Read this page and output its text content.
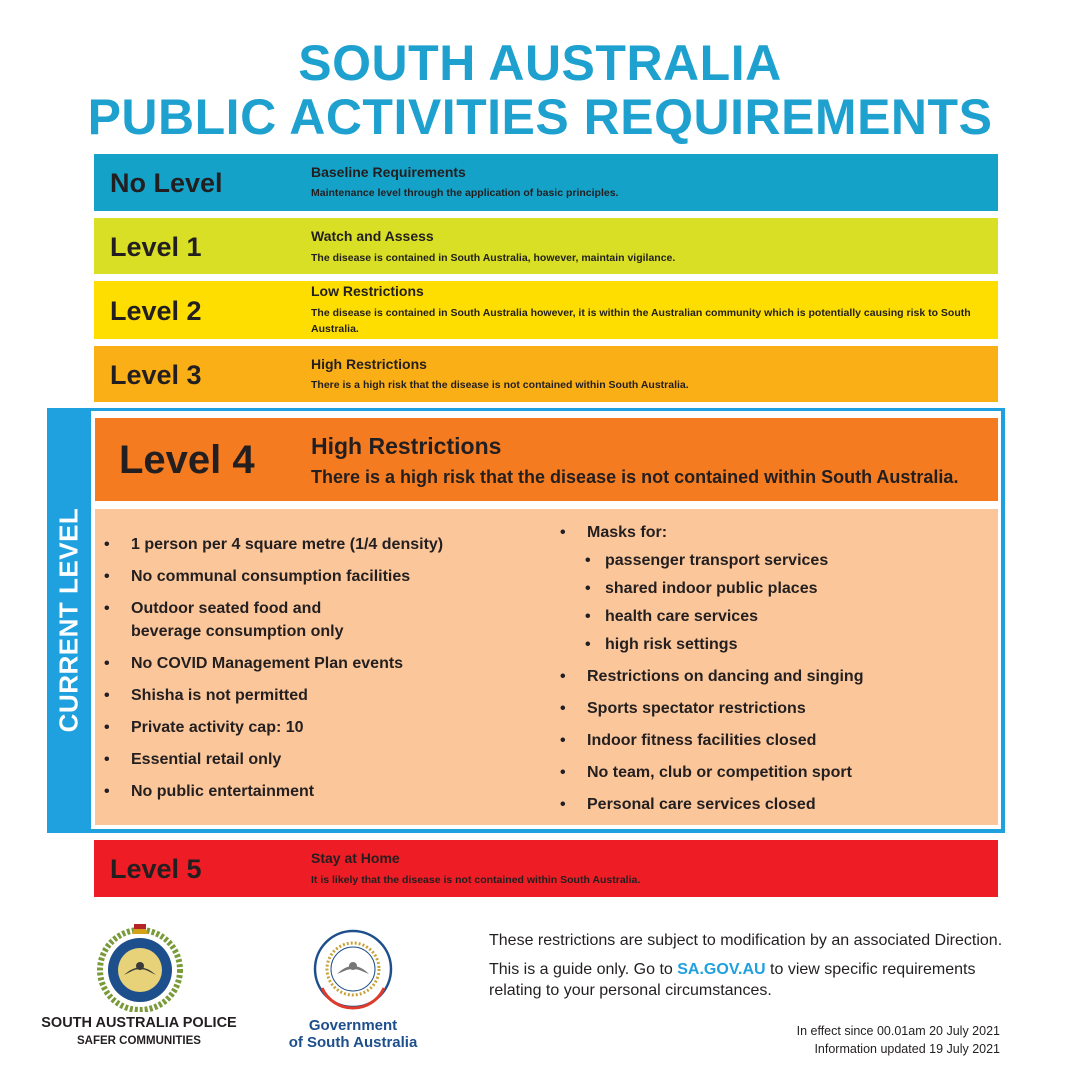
SOUTH AUSTRALIA
PUBLIC ACTIVITIES REQUIREMENTS
No Level	Baseline Requirements
Maintenance level through the application of basic principles.
Level 1	Watch and Assess
The disease is contained in South Australia, however, maintain vigilance.
Level 2
Low Restrictions
The disease is contained in South Australia however, it is within the Australian community which is potentially causing risk to South Australia.
Level 3	High Restrictions
There is a high risk that the disease is not contained within South Australia.
CURRENT LEVEL
Level 4 High Restrictions
There is a high risk that the disease is not contained within South Australia.
• 1 person per 4 square metre (1/4 density)
• No communal consumption facilities
• Outdoor seated food and beverage consumption only
• No COVID Management Plan events
• Shisha is not permitted
• Private activity cap: 10
• Essential retail only
• No public entertainment
• Masks for:
• passenger transport services
• shared indoor public places
• health care services
• high risk settings
• Restrictions on dancing and singing
• Sports spectator restrictions
• Indoor fitness facilities closed
• No team, club or competition sport
• Personal care services closed
Level 5	Stay at Home
It is likely that the disease is not contained within South Australia.
SOUTH AUSTRALIA POLICE
SAFER COMMUNITIES
Government
of South Australia
These restrictions are subject to modification by an associated Direction.
This is a guide only. Go to SA.GOV.AU to view specific requirements relating to your personal circumstances.
In effect since 00.01am 20 July 2021
Information updated 19 July 2021
